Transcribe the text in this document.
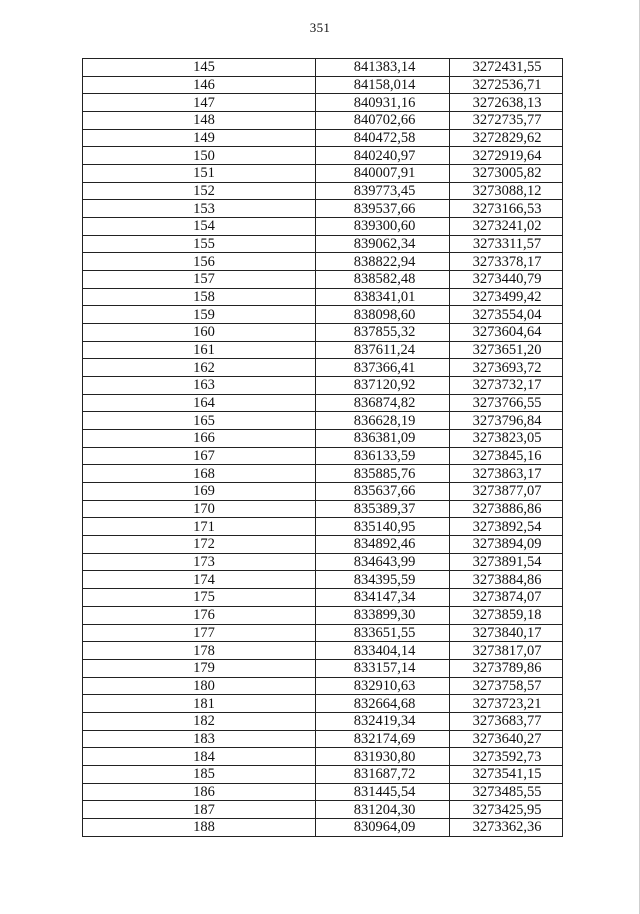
351
145	841383,14	3272431,55
146	84158,014	3272536,71
147	840931,16	3272638,13
148	840702,66	3272735,77
149	840472,58	3272829,62
150	840240,97	3272919,64
151	840007,91	3273005,82
152	839773,45	3273088,12
153	839537,66	3273166,53
154	839300,60	3273241,02
155	839062,34	3273311,57
156	838822,94	3273378,17
157	838582,48	3273440,79
158	838341,01	3273499,42
159	838098,60	3273554,04
160	837855,32	3273604,64
161	837611,24	3273651,20
162	837366,41	3273693,72
163	837120,92	3273732,17
164	836874,82	3273766,55
165	836628,19	3273796,84
166	836381,09	3273823,05
167	836133,59	3273845,16
168	835885,76	3273863,17
169	835637,66	3273877,07
170	835389,37	3273886,86
171	835140,95	3273892,54
172	834892,46	3273894,09
173	834643,99	3273891,54
174	834395,59	3273884,86
175	834147,34	3273874,07
176	833899,30	3273859,18
177	833651,55	3273840,17
178	833404,14	3273817,07
179	833157,14	3273789,86
180	832910,63	3273758,57
181	832664,68	3273723,21
182	832419,34	3273683,77
183	832174,69	3273640,27
184	831930,80	3273592,73
185	831687,72	3273541,15
186	831445,54	3273485,55
187	831204,30	3273425,95
188	830964,09	3273362,36
